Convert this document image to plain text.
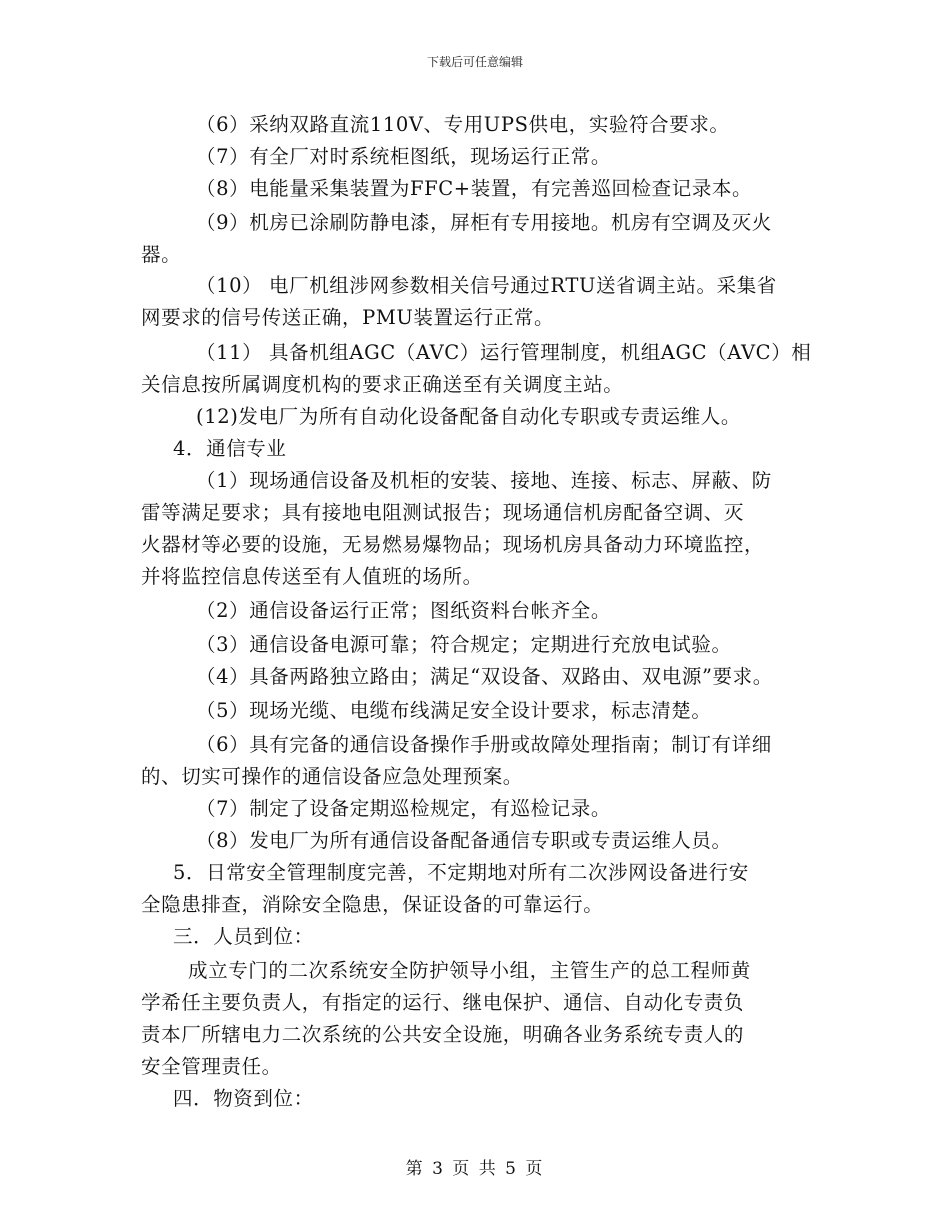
下载后可任意编辑
（6）采纳双路直流110V、专用UPS供电，实验符合要求。
（7）有全厂对时系统柜图纸，现场运行正常。
（8）电能量采集装置为FFC+装置，有完善巡回检查记录本。
（9）机房已涂刷防静电漆，屏柜有专用接地。机房有空调及灭火
器。
（10） 电厂机组涉网参数相关信号通过RTU送省调主站。采集省
网要求的信号传送正确，PMU装置运行正常。
（11） 具备机组AGC（AVC）运行管理制度，机组AGC（AVC）相
关信息按所属调度机构的要求正确送至有关调度主站。
(12)发电厂为所有自动化设备配备自动化专职或专责运维人。
4．通信专业
（1）现场通信设备及机柜的安装、接地、连接、标志、屏蔽、防
雷等满足要求；具有接地电阻测试报告；现场通信机房配备空调、灭
火器材等必要的设施，无易燃易爆物品；现场机房具备动力环境监控，
并将监控信息传送至有人值班的场所。
（2）通信设备运行正常；图纸资料台帐齐全。
（3）通信设备电源可靠；符合规定；定期进行充放电试验。
（4）具备两路独立路由；满足“双设备、双路由、双电源”要求。
（5）现场光缆、电缆布线满足安全设计要求，标志清楚。
（6）具有完备的通信设备操作手册或故障处理指南；制订有详细
的、切实可操作的通信设备应急处理预案。
（7）制定了设备定期巡检规定，有巡检记录。
（8）发电厂为所有通信设备配备通信专职或专责运维人员。
5．日常安全管理制度完善，不定期地对所有二次涉网设备进行安
全隐患排查，消除安全隐患，保证设备的可靠运行。
三．人员到位：
成立专门的二次系统安全防护领导小组，主管生产的总工程师黄
学希任主要负责人，有指定的运行、继电保护、通信、自动化专责负
责本厂所辖电力二次系统的公共安全设施，明确各业务系统专责人的
安全管理责任。
四．物资到位：
第 3 页 共 5 页
